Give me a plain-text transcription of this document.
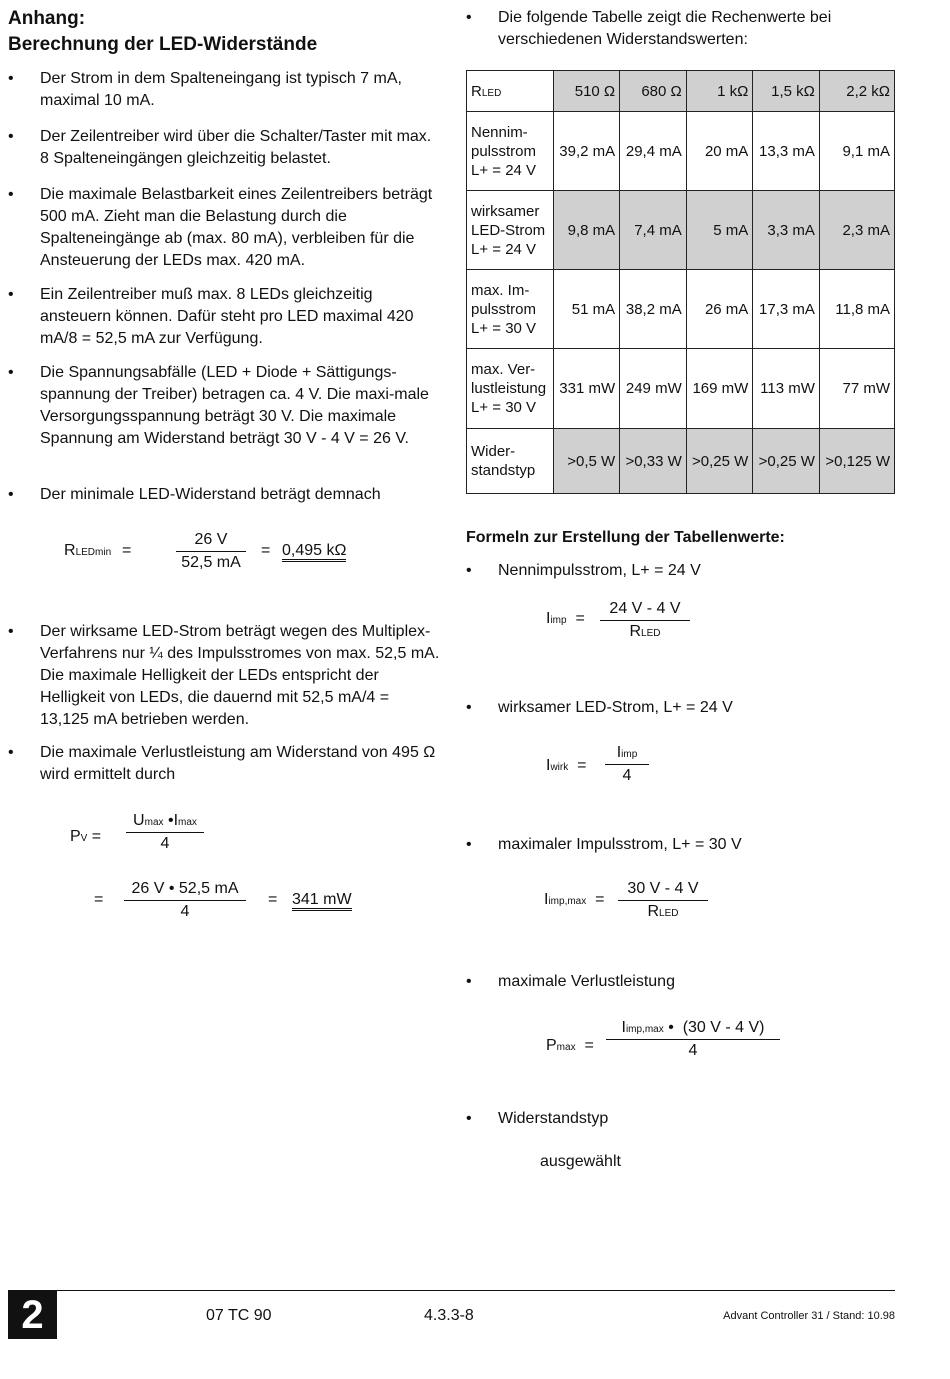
Anhang:
Berechnung der LED-Widerstände
•	Der Strom in dem Spalteneingang ist typisch 7 mA, maximal 10 mA.
•	Der Zeilentreiber wird über die Schalter/Taster mit max. 8 Spalteneingängen gleichzeitig belastet.
•	Die maximale Belastbarkeit eines Zeilentreibers beträgt 500 mA. Zieht man die Belastung durch die Spalteneingänge ab (max. 80 mA), verbleiben für die Ansteuerung der LEDs max. 420 mA.
•	Ein Zeilentreiber muß max. 8 LEDs gleichzeitig ansteuern können. Dafür steht pro LED maximal 420 mA/8 = 52,5 mA zur Verfügung.
•	Die Spannungsabfälle (LED + Diode + Sättigungs-spannung der Treiber) betragen ca. 4 V. Die maxi-male Versorgungsspannung beträgt 30 V. Die maximale Spannung am Widerstand beträgt 30 V - 4 V = 26 V.
•	Der minimale LED-Widerstand beträgt demnach
RLEDmin =	$\frac{26 V}{52,5 mA} = 0,495$ kΩ
•	Der wirksame LED-Strom beträgt wegen des Multiplex-Verfahrens nur ¼ des Impulsstromes von max. 52,5 mA. Die maximale Helligkeit der LEDs entspricht der Helligkeit von LEDs, die dauernd mit 52,5 mA/4 = 13,125 mA betrieben werden.
•	Die maximale Verlustleistung am Widerstand von 495 Ω wird ermittelt durch
PV =
Umax •Imax
4
= $\frac{26 V • 52,5 mA}{4} = 341$ mW
•	Die folgende Tabelle zeigt die Rechenwerte bei verschiedenen Widerstandswerten:
RLED	510 Ω	680 Ω	1 kΩ	1,5 kΩ	2,2 kΩ

Nennim-
pulsstrom
L+ = 24 V	39,2 mA	29,4 mA	20 mA	13,3 mA	9,1 mA

wirksamer
LED-Strom
L+ = 24 V	9,8 mA	7,4 mA	5 mA	3,3 mA	2,3 mA

max. Im-
pulsstrom
L+ = 30 V	51 mA	38,2 mA	26 mA	17,3 mA	11,8 mA

max. Ver-
lustleistung
L+ = 30 V	331 mW	249 mW	169 mW	113 mW	77 mW

Wider-
standstyp	>0,5 W	>0,33 W	>0,25 W	>0,25 W	>0,125 W
Formeln zur Erstellung der Tabellenwerte:
•	Nennimpulsstrom, L+ = 24 V
Iimp =
24 V - 4 V
RLED
•	wirksamer LED-Strom, L+ = 24 V
Iwirk =
Iimp
4
•	maximaler Impulsstrom, L+ = 30 V
Iimp,max =
30 V - 4 V
RLED
•	maximale Verlustleistung
Pmax =
Iimp,max • (30 V - 4 V)
4
•	Widerstandstyp
ausgewählt
2	07 TC 90	4.3.3-8	Advant Controller 31 / Stand: 10.98
